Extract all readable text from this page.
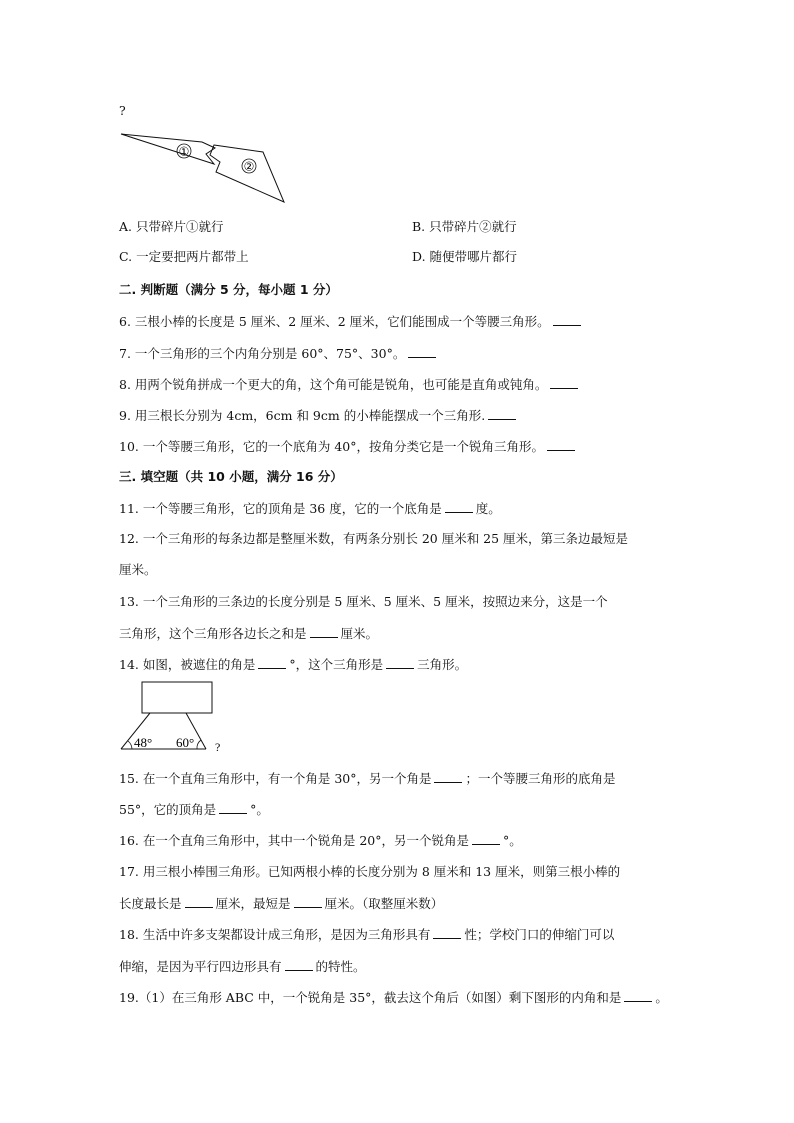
?
①
②
A. 只带碎片①就行	B. 只带碎片②就行
C. 一定要把两片都带上	D. 随便带哪片都行
二. 判断题（满分 5 分，每小题 1 分）
6. 三根小棒的长度是 5 厘米、2 厘米、2 厘米，它们能围成一个等腰三角形。
7. 一个三角形的三个内角分别是 60°、75°、30°。
8. 用两个锐角拼成一个更大的角，这个角可能是锐角，也可能是直角或钝角。
9. 用三根长分别为 4cm，6cm 和 9cm 的小棒能摆成一个三角形.
10. 一个等腰三角形，它的一个底角为 40°，按角分类它是一个锐角三角形。
三. 填空题（共 10 小题，满分 16 分）
11. 一个等腰三角形，它的顶角是 36 度，它的一个底角是	度。
12. 一个三角形的每条边都是整厘米数，有两条分别长 20 厘米和 25 厘米，第三条边最短是
厘米。
13. 一个三角形的三条边的长度分别是 5 厘米、5 厘米、5 厘米，按照边来分，这是一个
三角形，这个三角形各边长之和是	厘米。
14. 如图，被遮住的角是	°，这个三角形是	三角形。
48° 60° ?
15. 在一个直角三角形中，有一个角是 30°，另一个角是	；一个等腰三角形的底角是
55°，它的顶角是	°。
16. 在一个直角三角形中，其中一个锐角是 20°，另一个锐角是	°。
17. 用三根小棒围三角形。已知两根小棒的长度分别为 8 厘米和 13 厘米，则第三根小棒的
长度最长是	厘米，最短是	厘米。（取整厘米数）
18. 生活中许多支架都设计成三角形，是因为三角形具有	性；学校门口的伸缩门可以
伸缩，是因为平行四边形具有	的特性。
19.（1）在三角形 ABC 中，一个锐角是 35°，截去这个角后（如图）剩下图形的内角和是	。
